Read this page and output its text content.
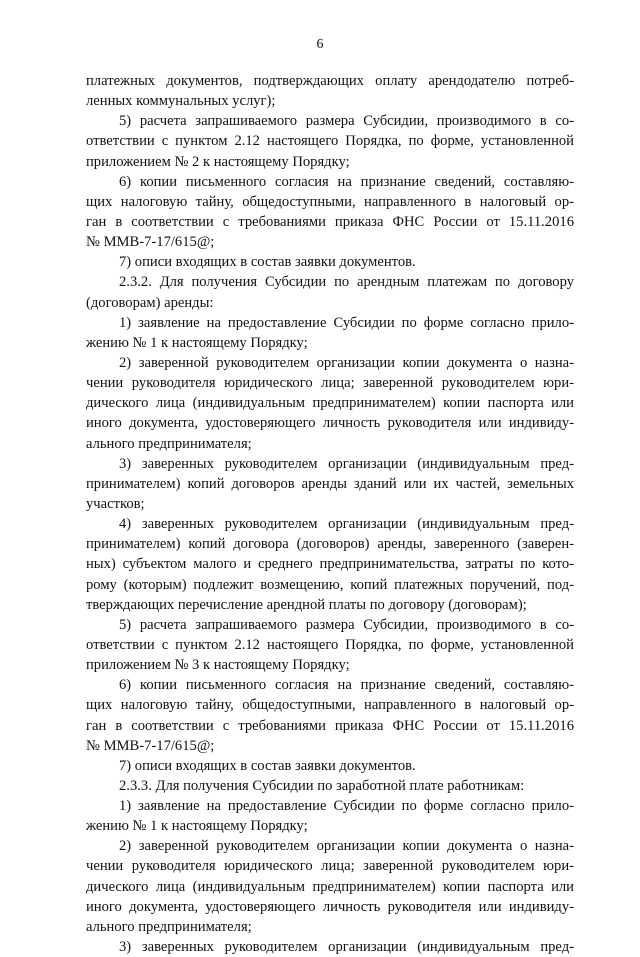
6
платежных документов, подтверждающих оплату арендодателю потреб-
ленных коммунальных услуг);
5) расчета запрашиваемого размера Субсидии, производимого в со-
ответствии с пунктом 2.12 настоящего Порядка, по форме, установленной
приложением № 2 к настоящему Порядку;
6) копии письменного согласия на признание сведений, составляю-
щих налоговую тайну, общедоступными, направленного в налоговый ор-
ган в соответствии с требованиями приказа ФНС России от 15.11.2016
№ ММВ-7-17/615@;
7) описи входящих в состав заявки документов.
2.3.2. Для получения Субсидии по арендным платежам по договору
(договорам) аренды:
1) заявление на предоставление Субсидии по форме согласно прило-
жению № 1 к настоящему Порядку;
2) заверенной руководителем организации копии документа о назна-
чении руководителя юридического лица; заверенной руководителем юри-
дического лица (индивидуальным предпринимателем) копии паспорта или
иного документа, удостоверяющего личность руководителя или индивиду-
ального предпринимателя;
3) заверенных руководителем организации (индивидуальным пред-
принимателем) копий договоров аренды зданий или их частей, земельных
участков;
4) заверенных руководителем организации (индивидуальным пред-
принимателем) копий договора (договоров) аренды, заверенного (заверен-
ных) субъектом малого и среднего предпринимательства, затраты по кото-
рому (которым) подлежит возмещению, копий платежных поручений, под-
тверждающих перечисление арендной платы по договору (договорам);
5) расчета запрашиваемого размера Субсидии, производимого в со-
ответствии с пунктом 2.12 настоящего Порядка, по форме, установленной
приложением № 3 к настоящему Порядку;
6) копии письменного согласия на признание сведений, составляю-
щих налоговую тайну, общедоступными, направленного в налоговый ор-
ган в соответствии с требованиями приказа ФНС России от 15.11.2016
№ ММВ-7-17/615@;
7) описи входящих в состав заявки документов.
2.3.3. Для получения Субсидии по заработной плате работникам:
1) заявление на предоставление Субсидии по форме согласно прило-
жению № 1 к настоящему Порядку;
2) заверенной руководителем организации копии документа о назна-
чении руководителя юридического лица; заверенной руководителем юри-
дического лица (индивидуальным предпринимателем) копии паспорта или
иного документа, удостоверяющего личность руководителя или индивиду-
ального предпринимателя;
3) заверенных руководителем организации (индивидуальным пред-
